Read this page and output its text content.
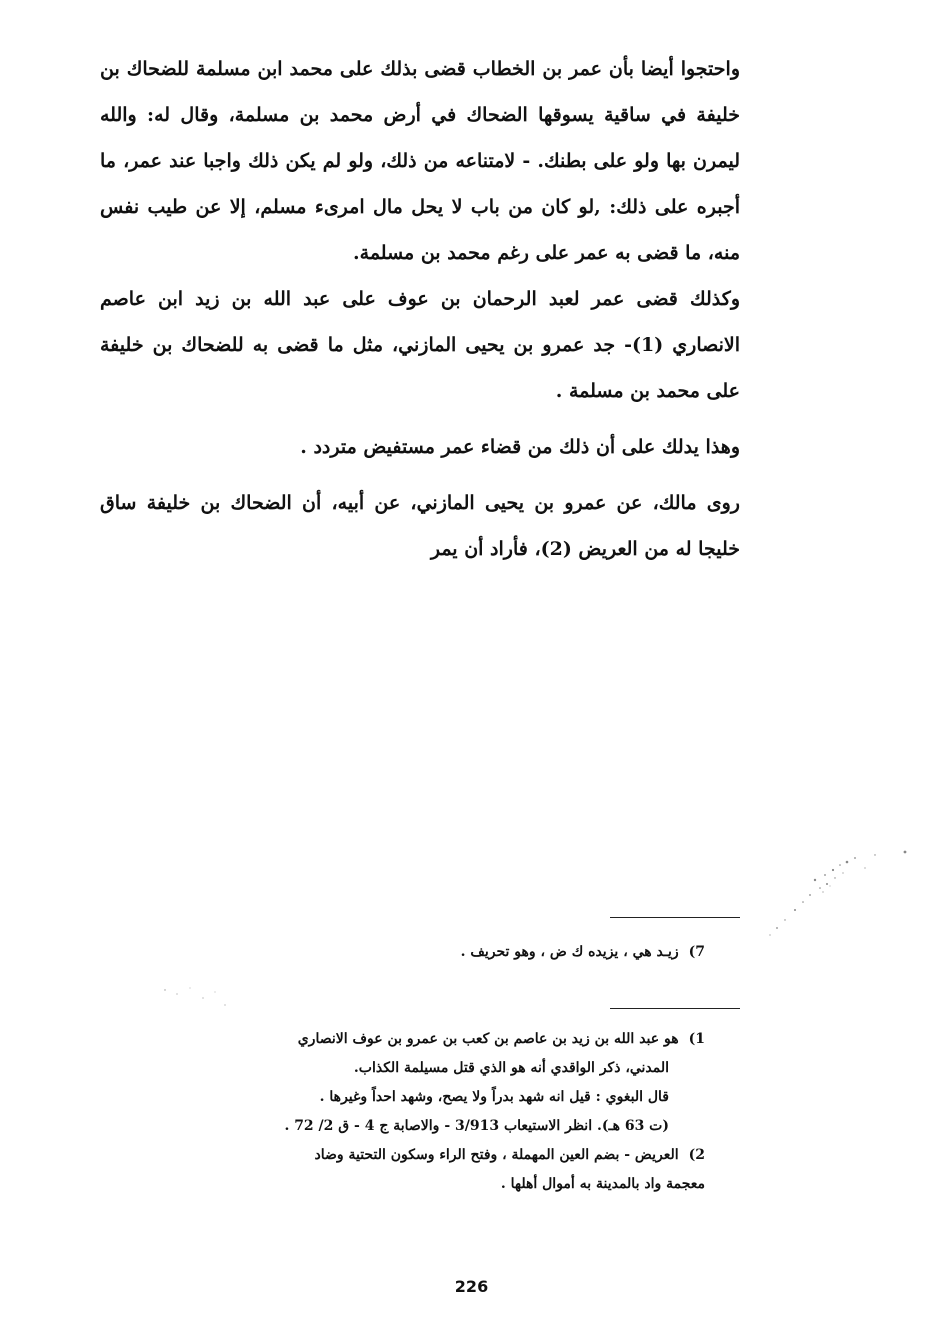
واحتجوا أيضا بأن عمر بن الخطاب قضى بذلك على محمد ابن مسلمة للضحاك بن خليفة في ساقية يسوقها الضحاك في أرض محمد بن مسلمة، وقال له: والله ليمرن بها ولو على بطنك. - لامتناعه من ذلك، ولو لم يكن ذلك واجبا عند عمر، ما أجبره على ذلك: ,لو كان من باب لا يحل مال امرىء مسلم، إلا عن طيب نفس منه، ما قضى به عمر على رغم محمد بن مسلمة.

وكذلك قضى عمر لعبد الرحمان بن عوف على عبد الله بن زيد ابن عاصم الانصاري (1)- جد عمرو بن يحيى المازني، مثل ما قضى به للضحاك بن خليفة على محمد بن مسلمة .

وهذا يدلك على أن ذلك من قضاء عمر مستفيض متردد .

روى مالك، عن عمرو بن يحيى المازني، عن أبيه، أن الضحاك بن خليفة ساق خليجا له من العريض (2)، فأراد أن يمر

7)زيـد هي ، يزيده ك ض ، وهو تحريف .

1)هو عبد الله بن زيد بن عاصم بن كعب بن عمرو بن عوف الانصاري

المدني، ذكر الواقدي أنه هو الذي قتل مسيلمة الكذاب.

قال البغوي : قيل انه شهد بدراً ولا يصح، وشهد احداً وغيرها .

(ت 63 هـ). انظر الاستيعاب 3/913 - والاصابة ج 4 - ق 2/ 72 .

2)العريض - بضم العين المهملة ، وفتح الراء وسكون التحتية وضاد

معجمة واد بالمدينة به أموال أهلها .

226
